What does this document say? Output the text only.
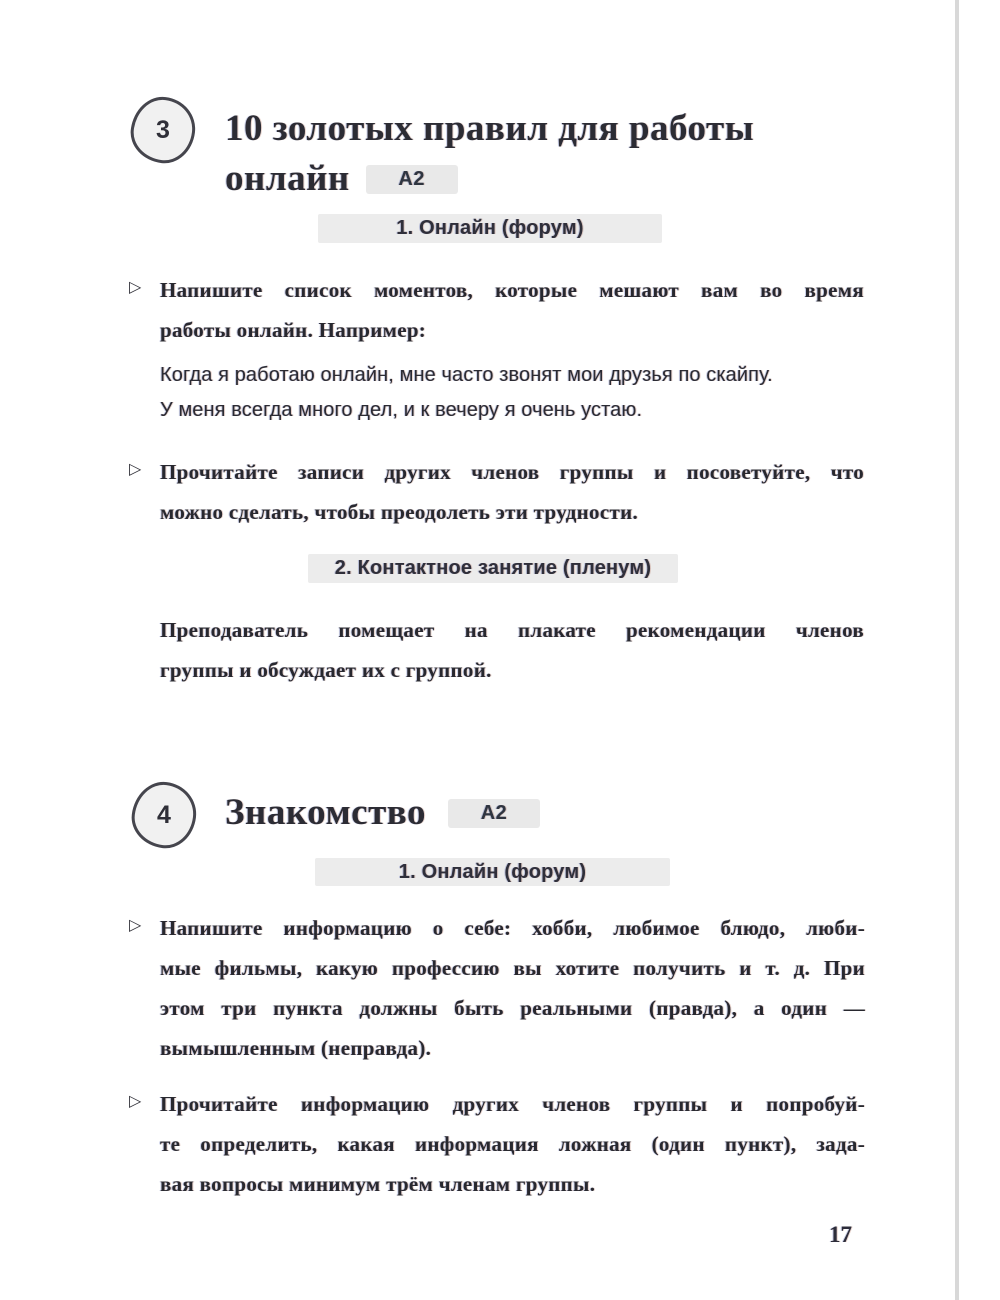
3 10 золотых правил для работы
онлайн	A2
1. Онлайн (форум)
▷ Напишите список моментов, которые мешают вам во время
работы онлайн. Например:
Когда я работаю онлайн, мне часто звонят мои друзья по скайпу.
У меня всегда много дел, и к вечеру я очень устаю.
▷ Прочитайте записи других членов группы и посоветуйте, что
можно сделать, чтобы преодолеть эти трудности.
2. Контактное занятие (пленум)
Преподаватель помещает на плакате рекомендации членов
группы и обсуждает их с группой.
4 Знакомство	A2
1. Онлайн (форум)
▷ Напишите информацию о себе: хобби, любимое блюдо, люби-
мые фильмы, какую профессию вы хотите получить и т. д. При
этом три пункта должны быть реальными (правда), а один —
вымышленным (неправда).
▷ Прочитайте информацию других членов группы и попробуй-
те определить, какая информация ложная (один пункт), зада-
вая вопросы минимум трём членам группы.
17
